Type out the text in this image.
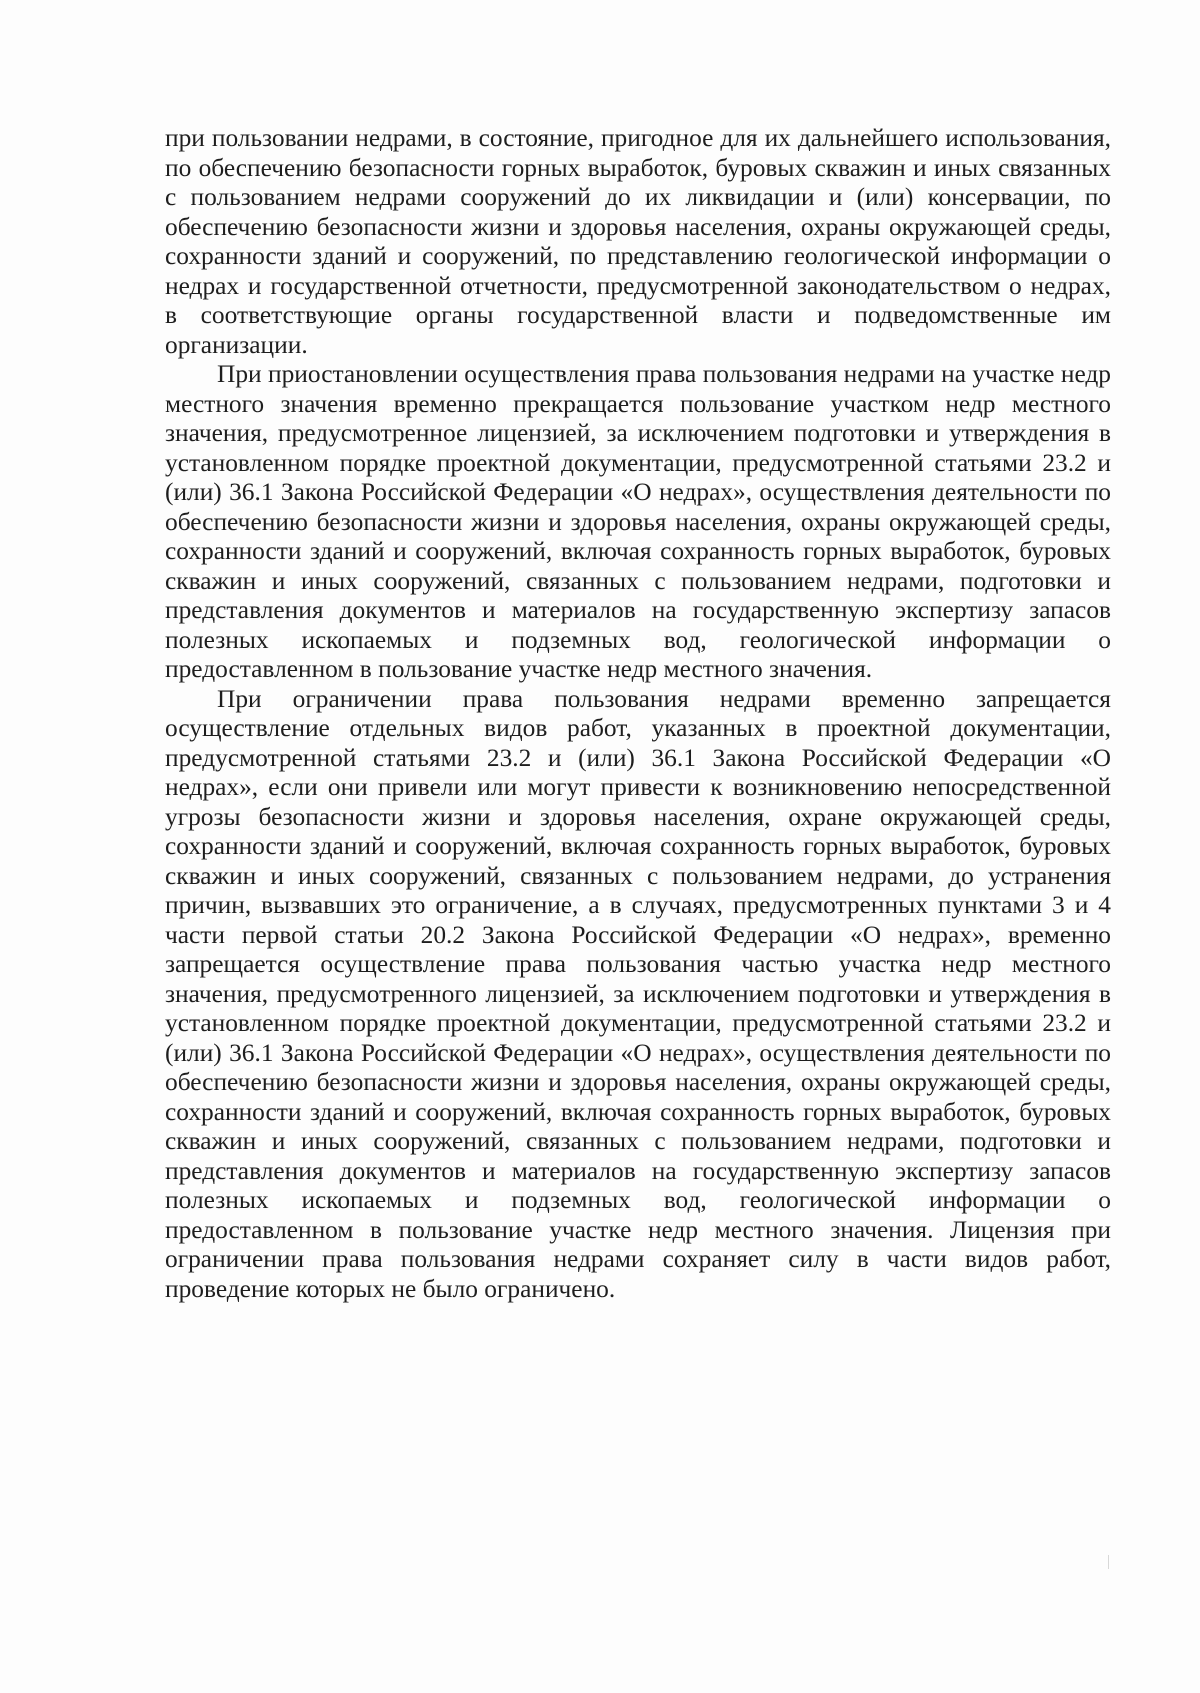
при пользовании недрами, в состояние, пригодное для их дальнейшего использования, по обеспечению безопасности горных выработок, буровых скважин и иных связанных с пользованием недрами сооружений до их ликвидации и (или) консервации, по обеспечению безопасности жизни и здоровья населения, охраны окружающей среды, сохранности зданий и сооружений, по представлению геологической информации о недрах и государственной отчетности, предусмотренной законодательством о недрах, в соответствующие органы государственной власти и подведомственные им организации.

При приостановлении осуществления права пользования недрами на участке недр местного значения временно прекращается пользование участком недр местного значения, предусмотренное лицензией, за исключением подготовки и утверждения в установленном порядке проектной документации, предусмотренной статьями 23.2 и (или) 36.1 Закона Российской Федерации «О недрах», осуществления деятельности по обеспечению безопасности жизни и здоровья населения, охраны окружающей среды, сохранности зданий и сооружений, включая сохранность горных выработок, буровых скважин и иных сооружений, связанных с пользованием недрами, подготовки и представления документов и материалов на государственную экспертизу запасов полезных ископаемых и подземных вод, геологической информации о предоставленном в пользование участке недр местного значения.

При ограничении права пользования недрами временно запрещается осуществление отдельных видов работ, указанных в проектной документации, предусмотренной статьями 23.2 и (или) 36.1 Закона Российской Федерации «О недрах», если они привели или могут привести к возникновению непосредственной угрозы безопасности жизни и здоровья населения, охране окружающей среды, сохранности зданий и сооружений, включая сохранность горных выработок, буровых скважин и иных сооружений, связанных с пользованием недрами, до устранения причин, вызвавших это ограничение, а в случаях, предусмотренных пунктами 3 и 4 части первой статьи 20.2 Закона Российской Федерации «О недрах», временно запрещается осуществление права пользования частью участка недр местного значения, предусмотренного лицензией, за исключением подготовки и утверждения в установленном порядке проектной документации, предусмотренной статьями 23.2 и (или) 36.1 Закона Российской Федерации «О недрах», осуществления деятельности по обеспечению безопасности жизни и здоровья населения, охраны окружающей среды, сохранности зданий и сооружений, включая сохранность горных выработок, буровых скважин и иных сооружений, связанных с пользованием недрами, подготовки и представления документов и материалов на государственную экспертизу запасов полезных ископаемых и подземных вод, геологической информации о предоставленном в пользование участке недр местного значения. Лицензия при ограничении права пользования недрами сохраняет силу в части видов работ, проведение которых не было ограничено.
